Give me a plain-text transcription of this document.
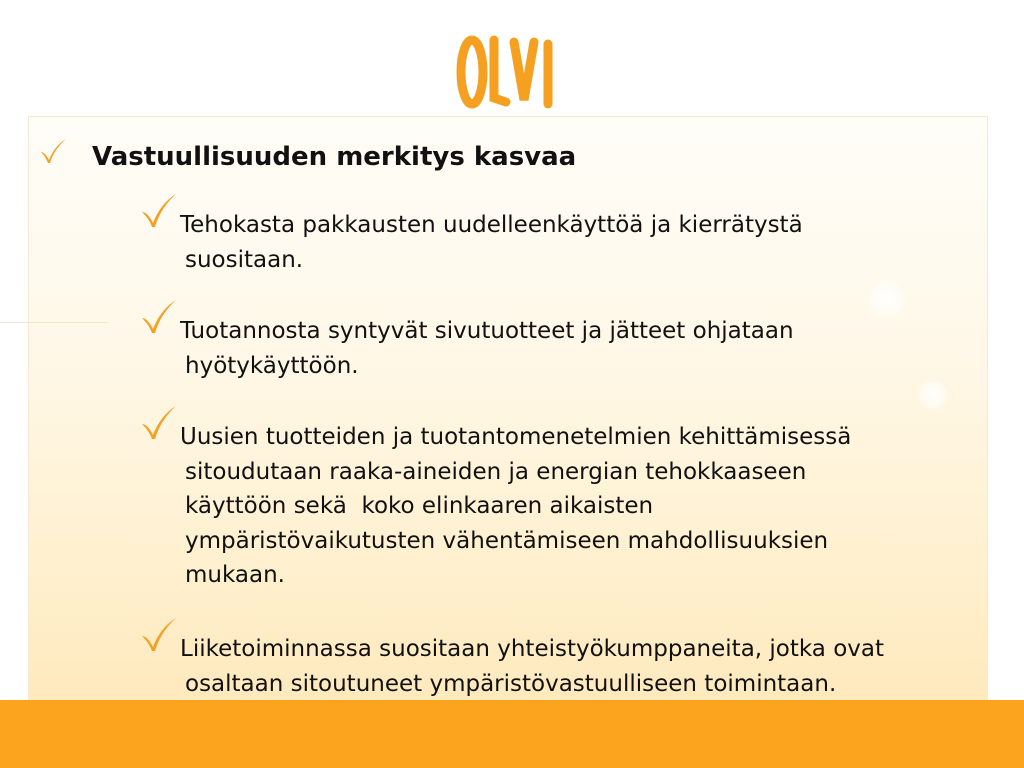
Vastuullisuuden merkitys kasvaa

Tehokasta pakkausten uudelleenkäyttöä ja kierrätystä
suositaan.

Tuotannosta syntyvät sivutuotteet ja jätteet ohjataan
hyötykäyttöön.

Uusien tuotteiden ja tuotantomenetelmien kehittämisessä
sitoudutaan raaka-aineiden ja energian tehokkaaseen
käyttöön sekä  koko elinkaaren aikaisten
ympäristövaikutusten vähentämiseen mahdollisuuksien
mukaan.

Liiketoiminnassa suositaan yhteistyökumppaneita, jotka ovat
osaltaan sitoutuneet ympäristövastuulliseen toimintaan.
